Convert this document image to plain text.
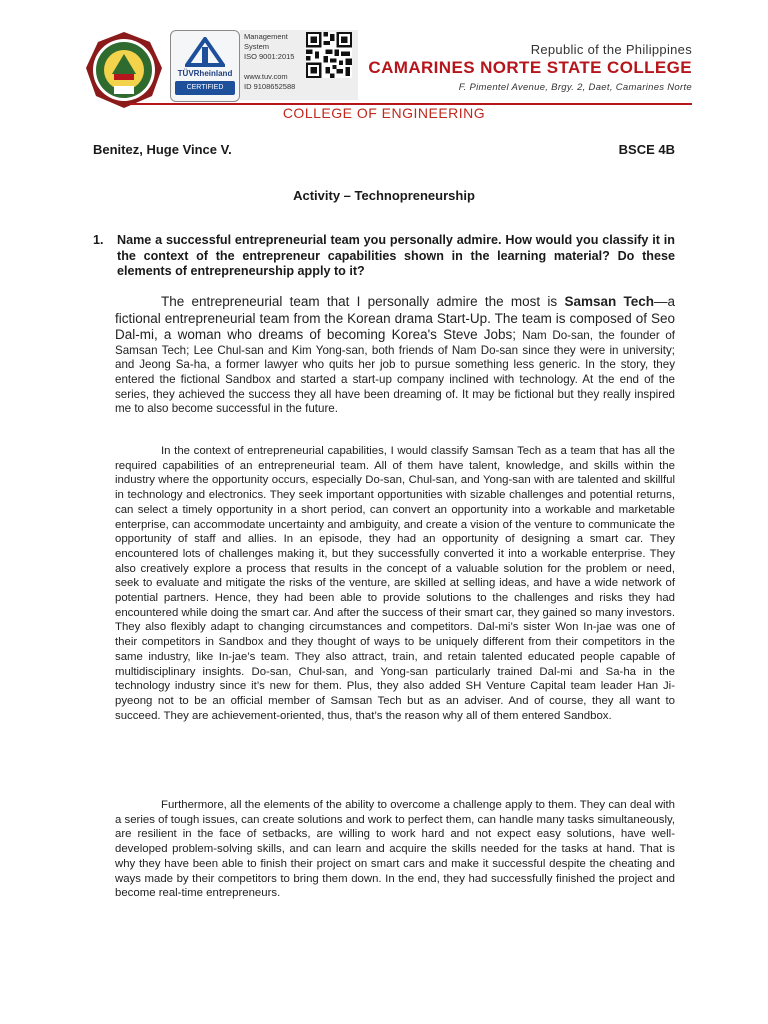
TÜVRheinland
CERTIFIED
Management
System
ISO 9001:2015
www.tuv.com
ID 9108652588
Republic of the Philippines
CAMARINES NORTE STATE COLLEGE
F. Pimentel Avenue, Brgy. 2, Daet, Camarines Norte
COLLEGE OF ENGINEERING
Benitez, Huge Vince V.	BSCE 4B
Activity – Technopreneurship
1. Name a successful entrepreneurial team you personally admire. How would you classify it in the context of the entrepreneur capabilities shown in the learning material? Do these elements of entrepreneurship apply to it?
The entrepreneurial team that I personally admire the most is Samsan Tech—a fictional entrepreneurial team from the Korean drama Start-Up. The team is composed of Seo Dal-mi, a woman who dreams of becoming Korea's Steve Jobs; Nam Do-san, the founder of Samsan Tech; Lee Chul-san and Kim Yong-san, both friends of Nam Do-san since they were in university; and Jeong Sa-ha, a former lawyer who quits her job to pursue something less generic. In the story, they entered the fictional Sandbox and started a start-up company inclined with technology. At the end of the series, they achieved the success they all have been dreaming of. It may be fictional but they really inspired me to also become successful in the future.
In the context of entrepreneurial capabilities, I would classify Samsan Tech as a team that has all the required capabilities of an entrepreneurial team. All of them have talent, knowledge, and skills within the industry where the opportunity occurs, especially Do-san, Chul-san, and Yong-san with are talented and skillful in technology and electronics. They seek important opportunities with sizable challenges and potential returns, can select a timely opportunity in a short period, can convert an opportunity into a workable and marketable enterprise, can accommodate uncertainty and ambiguity, and create a vision of the venture to communicate the opportunity of staff and allies. In an episode, they had an opportunity of designing a smart car. They encountered lots of challenges making it, but they successfully converted it into a workable enterprise. They also creatively explore a process that results in the concept of a valuable solution for the problem or need, seek to evaluate and mitigate the risks of the venture, are skilled at selling ideas, and have a wide network of potential partners. Hence, they had been able to provide solutions to the challenges and risks they had encountered while doing the smart car. And after the success of their smart car, they gained so many investors. They also flexibly adapt to changing circumstances and competitors. Dal-mi’s sister Won In-jae was one of their competitors in Sandbox and they thought of ways to be uniquely different from their competitors in the same industry, like In-jae’s team. They also attract, train, and retain talented educated people capable of multidisciplinary insights. Do-san, Chul-san, and Yong-san particularly trained Dal-mi and Sa-ha in the technology industry since it’s new for them. Plus, they also added SH Venture Capital team leader Han Ji-pyeong not to be an official member of Samsan Tech but as an adviser. And of course, they all want to succeed. They are achievement-oriented, thus, that’s the reason why all of them entered Sandbox.
Furthermore, all the elements of the ability to overcome a challenge apply to them. They can deal with a series of tough issues, can create solutions and work to perfect them, can handle many tasks simultaneously, are resilient in the face of setbacks, are willing to work hard and not expect easy solutions, have well-developed problem-solving skills, and can learn and acquire the skills needed for the tasks at hand. That is why they have been able to finish their project on smart cars and make it successful despite the cheating and ways made by their competitors to bring them down. In the end, they had successfully finished the project and become real-time entrepreneurs.
